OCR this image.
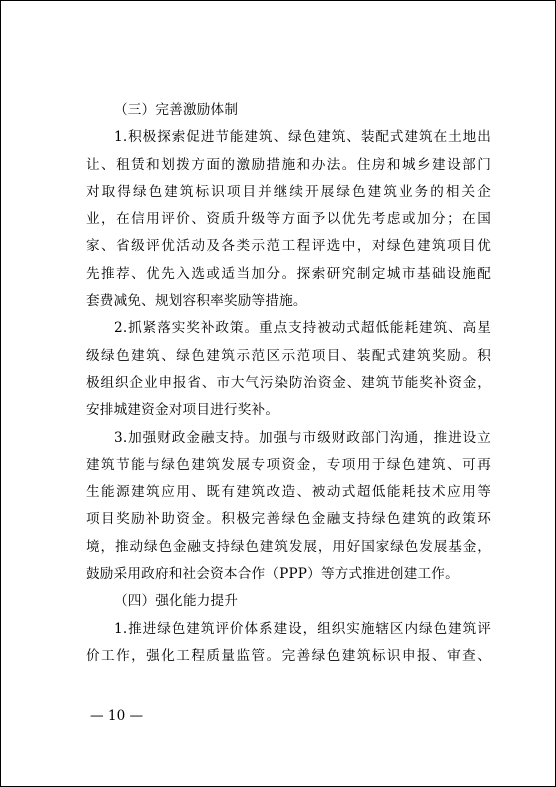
（三）完善激励体制
1.积极探索促进节能建筑、绿色建筑、装配式建筑在土地出
让、租赁和划拨方面的激励措施和办法。住房和城乡建设部门
对取得绿色建筑标识项目并继续开展绿色建筑业务的相关企
业，在信用评价、资质升级等方面予以优先考虑或加分；在国
家、省级评优活动及各类示范工程评选中，对绿色建筑项目优
先推荐、优先入选或适当加分。探索研究制定城市基础设施配
套费减免、规划容积率奖励等措施。
2.抓紧落实奖补政策。重点支持被动式超低能耗建筑、高星
级绿色建筑、绿色建筑示范区示范项目、装配式建筑奖励。积
极组织企业申报省、市大气污染防治资金、建筑节能奖补资金，
安排城建资金对项目进行奖补。
3.加强财政金融支持。加强与市级财政部门沟通，推进设立
建筑节能与绿色建筑发展专项资金，专项用于绿色建筑、可再
生能源建筑应用、既有建筑改造、被动式超低能耗技术应用等
项目奖励补助资金。积极完善绿色金融支持绿色建筑的政策环
境，推动绿色金融支持绿色建筑发展，用好国家绿色发展基金，
鼓励采用政府和社会资本合作（PPP）等方式推进创建工作。
（四）强化能力提升
1.推进绿色建筑评价体系建设，组织实施辖区内绿色建筑评
价工作，强化工程质量监管。完善绿色建筑标识申报、审查、
— 10 —
